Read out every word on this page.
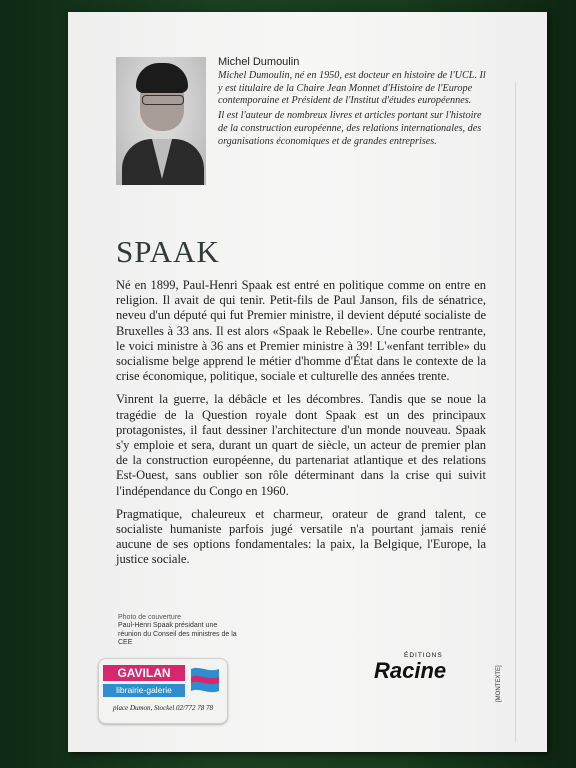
Michel Dumoulin

Michel Dumoulin, né en 1950, est docteur en histoire de l'UCL. Il y est titulaire de la Chaire Jean Monnet d'Histoire de l'Europe contemporaine et Président de l'Institut d'études européennes.

Il est l'auteur de nombreux livres et articles portant sur l'histoire de la construction européenne, des relations internationales, des organisations économiques et de grandes entreprises.

SPAAK

Né en 1899, Paul-Henri Spaak est entré en politique comme on entre en religion. Il avait de qui tenir. Petit-fils de Paul Janson, fils de sénatrice, neveu d'un député qui fut Premier ministre, il devient député socialiste de Bruxelles à 33 ans. Il est alors «Spaak le Rebelle». Une courbe rentrante, le voici ministre à 36 ans et Premier ministre à 39! L'«enfant terrible» du socialisme belge apprend le métier d'homme d'État dans le contexte de la crise économique, politique, sociale et culturelle des années trente.

Vinrent la guerre, la débâcle et les décombres. Tandis que se noue la tragédie de la Question royale dont Spaak est un des principaux protagonistes, il faut dessiner l'architecture d'un monde nouveau. Spaak s'y emploie et sera, durant un quart de siècle, un acteur de premier plan de la construction européenne, du partenariat atlantique et des relations Est-Ouest, sans oublier son rôle déterminant dans la crise qui suivit l'indépendance du Congo en 1960.

Pragmatique, chaleureux et charmeur, orateur de grand talent, ce socialiste humaniste parfois jugé versatile n'a pourtant jamais renié aucune de ses options fondamentales: la paix, la Belgique, l'Europe, la justice sociale.

Photo de couverture
Paul-Henri Spaak présidant une réunion du Conseil des ministres de la CEE
GAVILAN
librairie-galerie
place Dumon, Stockel 02/772 78 78
ÉDITIONS
Racine	[MONTEXTE]
